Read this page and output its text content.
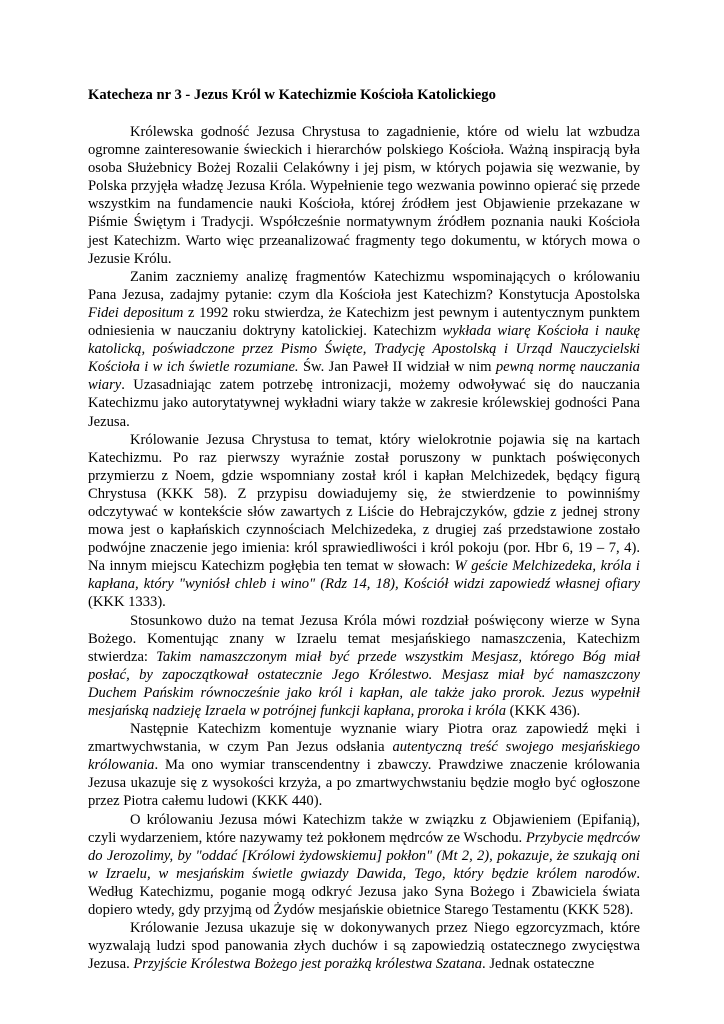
Katecheza nr 3 - Jezus Król w Katechizmie Kościoła Katolickiego

Królewska godność Jezusa Chrystusa to zagadnienie, które od wielu lat wzbudza ogromne zainteresowanie świeckich i hierarchów polskiego Kościoła. Ważną inspiracją była osoba Służebnicy Bożej Rozalii Celakówny i jej pism, w których pojawia się wezwanie, by Polska przyjęła władzę Jezusa Króla. Wypełnienie tego wezwania powinno opierać się przede wszystkim na fundamencie nauki Kościoła, której źródłem jest Objawienie przekazane w Piśmie Świętym i Tradycji. Współcześnie normatywnym źródłem poznania nauki Kościoła jest Katechizm. Warto więc przeanalizować fragmenty tego dokumentu, w których mowa o Jezusie Królu.

Zanim zaczniemy analizę fragmentów Katechizmu wspominających o królowaniu Pana Jezusa, zadajmy pytanie: czym dla Kościoła jest Katechizm? Konstytucja Apostolska Fidei depositum z 1992 roku stwierdza, że Katechizm jest pewnym i autentycznym punktem odniesienia w nauczaniu doktryny katolickiej. Katechizm wykłada wiarę Kościoła i naukę katolicką, poświadczone przez Pismo Święte, Tradycję Apostolską i Urząd Nauczycielski Kościoła i w ich świetle rozumiane. Św. Jan Paweł II widział w nim pewną normę nauczania wiary. Uzasadniając zatem potrzebę intronizacji, możemy odwoływać się do nauczania Katechizmu jako autorytatywnej wykładni wiary także w zakresie królewskiej godności Pana Jezusa.

Królowanie Jezusa Chrystusa to temat, który wielokrotnie pojawia się na kartach Katechizmu. Po raz pierwszy wyraźnie został poruszony w punktach poświęconych przymierzu z Noem, gdzie wspomniany został król i kapłan Melchizedek, będący figurą Chrystusa (KKK 58). Z przypisu dowiadujemy się, że stwierdzenie to powinniśmy odczytywać w kontekście słów zawartych z Liście do Hebrajczyków, gdzie z jednej strony mowa jest o kapłańskich czynnościach Melchizedeka, z drugiej zaś przedstawione zostało podwójne znaczenie jego imienia: król sprawiedliwości i król pokoju (por. Hbr 6, 19 – 7, 4). Na innym miejscu Katechizm pogłębia ten temat w słowach: W geście Melchizedeka, króla i kapłana, który "wyniósł chleb i wino" (Rdz 14, 18), Kościół widzi zapowiedź własnej ofiary (KKK 1333).

Stosunkowo dużo na temat Jezusa Króla mówi rozdział poświęcony wierze w Syna Bożego. Komentując znany w Izraelu temat mesjańskiego namaszczenia, Katechizm stwierdza: Takim namaszczonym miał być przede wszystkim Mesjasz, którego Bóg miał posłać, by zapoczątkował ostatecznie Jego Królestwo. Mesjasz miał być namaszczony Duchem Pańskim równocześnie jako król i kapłan, ale także jako prorok. Jezus wypełnił mesjańską nadzieję Izraela w potrójnej funkcji kapłana, proroka i króla (KKK 436).

Następnie Katechizm komentuje wyznanie wiary Piotra oraz zapowiedź męki i zmartwychwstania, w czym Pan Jezus odsłania autentyczną treść swojego mesjańskiego królowania. Ma ono wymiar transcendentny i zbawczy. Prawdziwe znaczenie królowania Jezusa ukazuje się z wysokości krzyża, a po zmartwychwstaniu będzie mogło być ogłoszone przez Piotra całemu ludowi (KKK 440).

O królowaniu Jezusa mówi Katechizm także w związku z Objawieniem (Epifanią), czyli wydarzeniem, które nazywamy też pokłonem mędrców ze Wschodu. Przybycie mędrców do Jerozolimy, by "oddać [Królowi żydowskiemu] pokłon" (Mt 2, 2), pokazuje, że szukają oni w Izraelu, w mesjańskim świetle gwiazdy Dawida, Tego, który będzie królem narodów. Według Katechizmu, poganie mogą odkryć Jezusa jako Syna Bożego i Zbawiciela świata dopiero wtedy, gdy przyjmą od Żydów mesjańskie obietnice Starego Testamentu (KKK 528).

Królowanie Jezusa ukazuje się w dokonywanych przez Niego egzorcyzmach, które wyzwalają ludzi spod panowania złych duchów i są zapowiedzią ostatecznego zwycięstwa Jezusa. Przyjście Królestwa Bożego jest porażką królestwa Szatana. Jednak ostateczne
